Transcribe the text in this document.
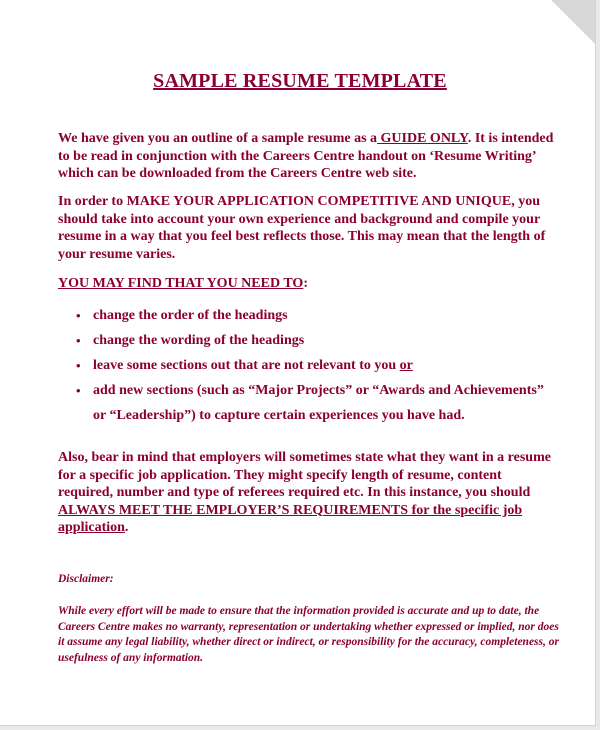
SAMPLE RESUME TEMPLATE
We have given you an outline of a sample resume as a GUIDE ONLY. It is intended to be read in conjunction with the Careers Centre handout on ‘Resume Writing’ which can be downloaded from the Careers Centre web site.
In order to MAKE YOUR APPLICATION COMPETITIVE AND UNIQUE, you should take into account your own experience and background and compile your resume in a way that you feel best reflects those. This may mean that the length of your resume varies.
YOU MAY FIND THAT YOU NEED TO:
• change the order of the headings
• change the wording of the headings
• leave some sections out that are not relevant to you or
• add new sections (such as “Major Projects” or “Awards and Achievements”
or “Leadership”) to capture certain experiences you have had.
Also, bear in mind that employers will sometimes state what they want in a resume for a specific job application. They might specify length of resume, content required, number and type of referees required etc. In this instance, you should ALWAYS MEET THE EMPLOYER’S REQUIREMENTS for the specific job application.
Disclaimer:
While every effort will be made to ensure that the information provided is accurate and up to date, the Careers Centre makes no warranty, representation or undertaking whether expressed or implied, nor does it assume any legal liability, whether direct or indirect, or responsibility for the accuracy, completeness, or usefulness of any information.
